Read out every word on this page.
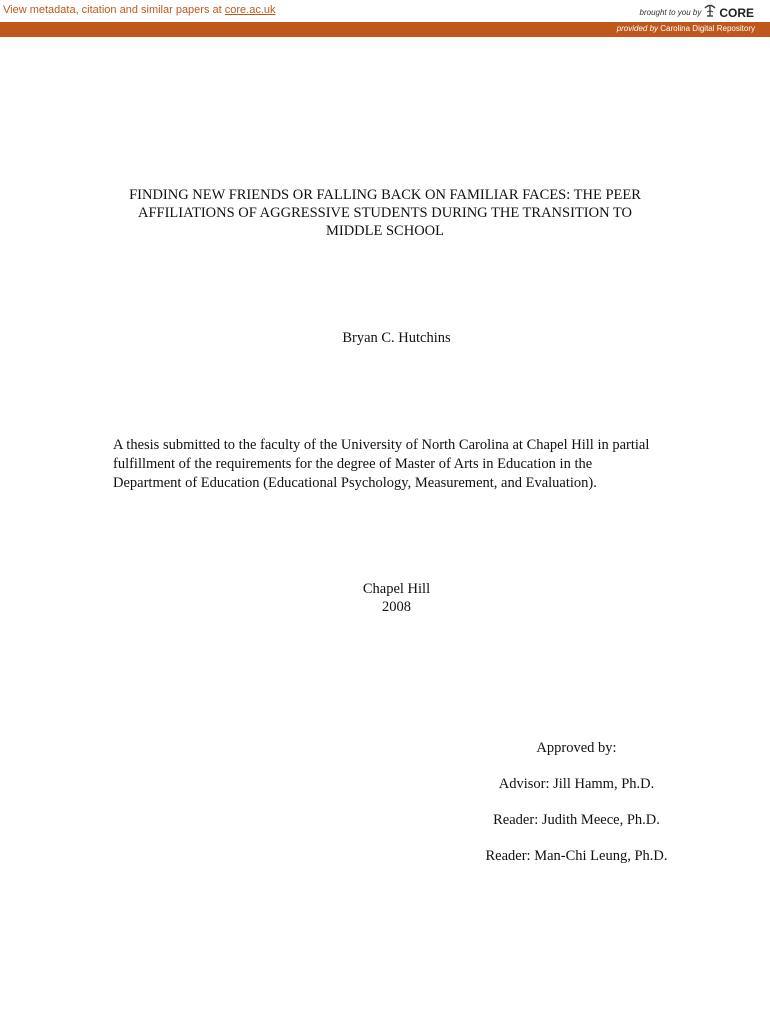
View metadata, citation and similar papers at core.ac.uk	brought to you by CORE
provided by Carolina Digital Repository
FINDING NEW FRIENDS OR FALLING BACK ON FAMILIAR FACES: THE PEER
AFFILIATIONS OF AGGRESSIVE STUDENTS DURING THE TRANSITION TO
MIDDLE SCHOOL
Bryan C. Hutchins
A thesis submitted to the faculty of the University of North Carolina at Chapel Hill in partial
fulfillment of the requirements for the degree of Master of Arts in Education in the
Department of Education (Educational Psychology, Measurement, and Evaluation).
Chapel Hill
2008
Approved by:
Advisor: Jill Hamm, Ph.D.
Reader: Judith Meece, Ph.D.
Reader: Man-Chi Leung, Ph.D.
